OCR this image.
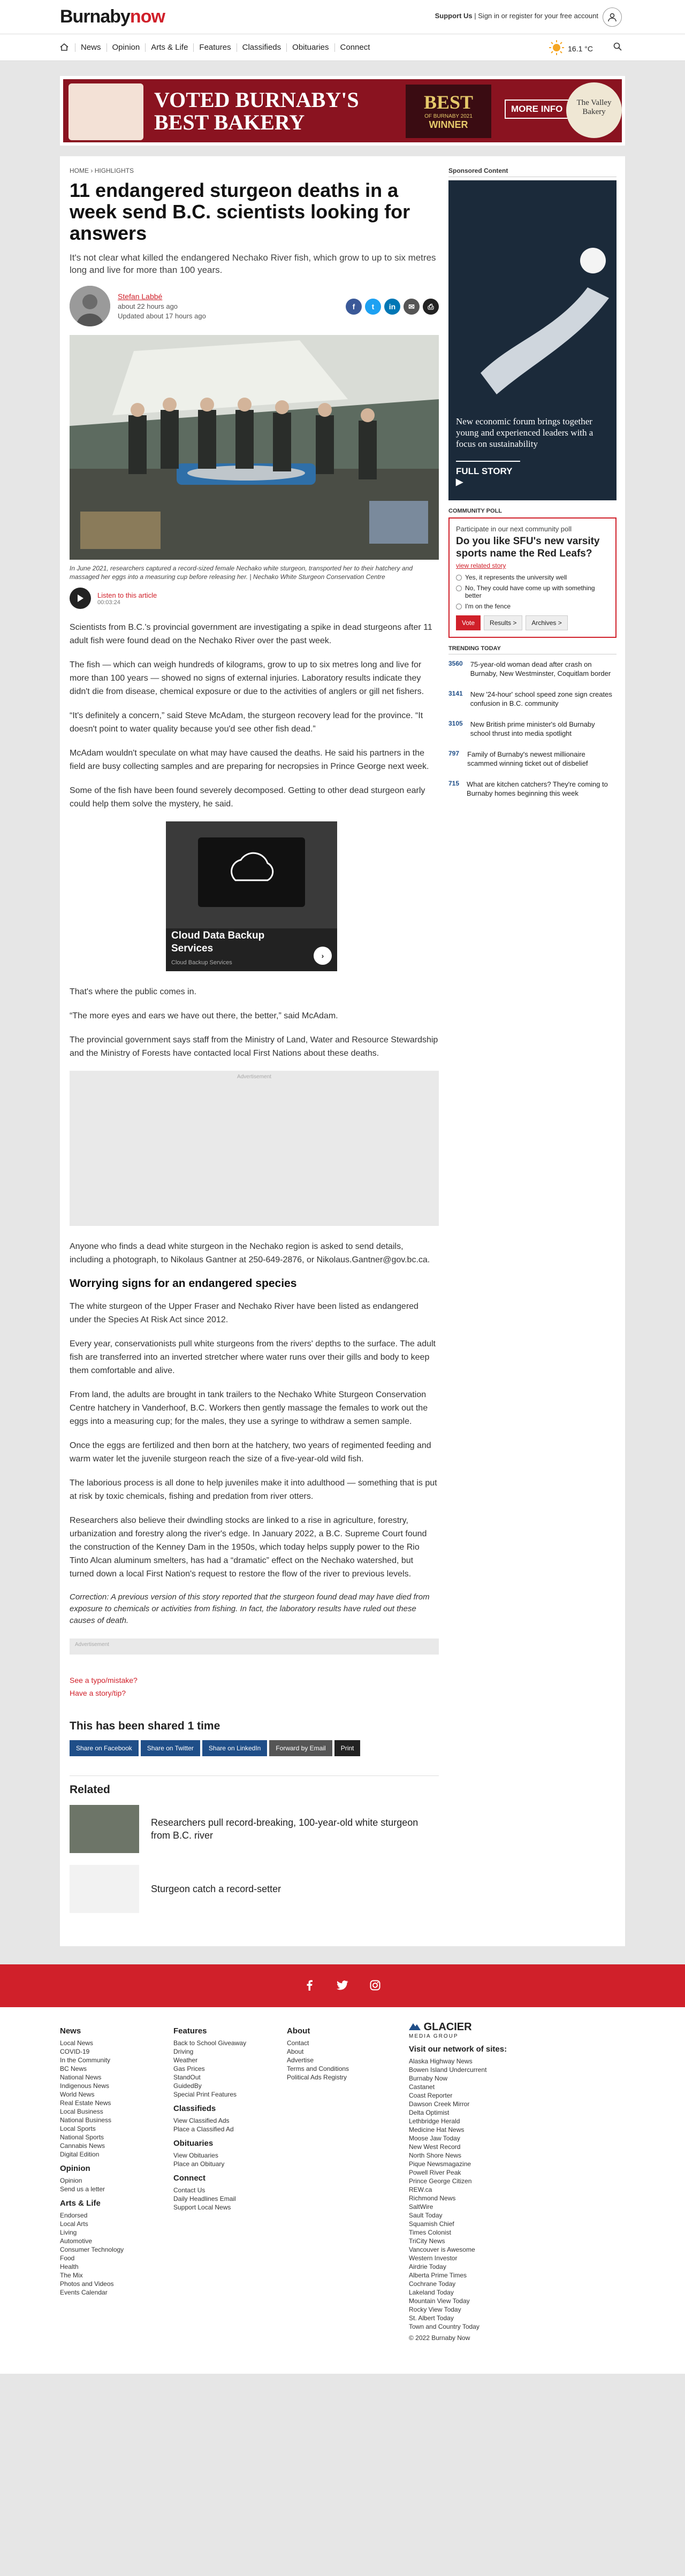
Burnabynow	Support Us | Sign in or register for your free account
News	Opinion	Arts & Life	Features	Classifieds	Obituaries	Connect	16.1 °C
VOTED BURNABY'S
BEST BAKERY
BEST
OF BURNABY 2021
WINNER
MORE INFO
The Valley Bakery
HOME › HIGHLIGHTS
11 endangered sturgeon deaths in a week send B.C. scientists looking for answers
It's not clear what killed the endangered Nechako River fish, which grow to up to six metres long and live for more than 100 years.
Stefan Labbé
about 22 hours ago
Updated about 17 hours ago
f	t	in	✉	⎙
In June 2021, researchers captured a record-sized female Nechako white sturgeon, transported her to their hatchery and massaged her eggs into a measuring cup before releasing her. | Nechako White Sturgeon Conservation Centre
Listen to this article
00:03:24

Scientists from B.C.'s provincial government are investigating a spike in dead sturgeons after 11 adult fish were found dead on the Nechako River over the past week.

The fish — which can weigh hundreds of kilograms, grow to up to six metres long and live for more than 100 years — showed no signs of external injuries. Laboratory results indicate they didn't die from disease, chemical exposure or due to the activities of anglers or gill net fishers.

“It's definitely a concern,” said Steve McAdam, the sturgeon recovery lead for the province. “It doesn't point to water quality because you'd see other fish dead.”

McAdam wouldn't speculate on what may have caused the deaths. He said his partners in the field are busy collecting samples and are preparing for necropsies in Prince George next week.

Some of the fish have been found severely decomposed. Getting to other dead sturgeon early could help them solve the mystery, he said.

Cloud Data Backup Services
Cloud Backup Services
›

That's where the public comes in.

“The more eyes and ears we have out there, the better,” said McAdam.

The provincial government says staff from the Ministry of Land, Water and Resource Stewardship and the Ministry of Forests have contacted local First Nations about these deaths.

Advertisement

Anyone who finds a dead white sturgeon in the Nechako region is asked to send details, including a photograph, to Nikolaus Gantner at 250-649-2876, or Nikolaus.Gantner@gov.bc.ca.

Worrying signs for an endangered species

The white sturgeon of the Upper Fraser and Nechako River have been listed as endangered under the Species At Risk Act since 2012.

Every year, conservationists pull white sturgeons from the rivers' depths to the surface. The adult fish are transferred into an inverted stretcher where water runs over their gills and body to keep them comfortable and alive.

From land, the adults are brought in tank trailers to the Nechako White Sturgeon Conservation Centre hatchery in Vanderhoof, B.C. Workers then gently massage the females to work out the eggs into a measuring cup; for the males, they use a syringe to withdraw a semen sample.

Once the eggs are fertilized and then born at the hatchery, two years of regimented feeding and warm water let the juvenile sturgeon reach the size of a five-year-old wild fish.

The laborious process is all done to help juveniles make it into adulthood — something that is put at risk by toxic chemicals, fishing and predation from river otters.

Researchers also believe their dwindling stocks are linked to a rise in agriculture, forestry, urbanization and forestry along the river's edge. In January 2022, a B.C. Supreme Court found the construction of the Kenney Dam in the 1950s, which today helps supply power to the Rio Tinto Alcan aluminum smelters, has had a “dramatic” effect on the Nechako watershed, but turned down a local First Nation's request to restore the flow of the river to previous levels.

Correction: A previous version of this story reported that the sturgeon found dead may have died from exposure to chemicals or activities from fishing. In fact, the laboratory results have ruled out these causes of death.
Advertisement
See a typo/mistake?
Have a story/tip?
This has been shared 1 time
Share on Facebook	Share on Twitter	Share on LinkedIn	Forward by Email	Print
Related
Researchers pull record-breaking, 100-year-old white sturgeon from B.C. river
Sturgeon catch a record-setter
Sponsored Content
New economic forum brings together young and experienced leaders with a focus on sustainability
FULL STORY ▶
COMMUNITY POLL
Participate in our next community poll
Do you like SFU's new varsity sports name the Red Leafs?
view related story
Yes, it represents the university well
No, They could have come up with something better
I'm on the fence
Vote	Results >	Archives >
TRENDING TODAY
3560 75-year-old woman dead after crash on Burnaby, New Westminster, Coquitlam border
3141 New '24-hour' school speed zone sign creates confusion in B.C. community
3105 New British prime minister's old Burnaby school thrust into media spotlight
797 Family of Burnaby's newest millionaire scammed winning ticket out of disbelief
715 What are kitchen catchers? They're coming to Burnaby homes beginning this week
News
Local News
COVID-19
In the Community
BC News
National News
Indigenous News
World News
Real Estate News
Local Business
National Business
Local Sports
National Sports
Cannabis News
Digital Edition
Opinion
Opinion
Send us a letter
Arts & Life
Endorsed
Local Arts
Living
Automotive
Consumer Technology
Food
Health
The Mix
Photos and Videos
Events Calendar
Features
Back to School Giveaway
Driving
Weather
Gas Prices
StandOut
GuidedBy
Special Print Features
Classifieds
View Classified Ads
Place a Classified Ad
Obituaries
View Obituaries
Place an Obituary
Connect
Contact Us
Daily Headlines Email
Support Local News
About
Contact
About
Advertise
Terms and Conditions
Political Ads Registry
GLACIER
MEDIA GROUP
Visit our network of sites:
Alaska Highway News
Bowen Island Undercurrent
Burnaby Now
Castanet
Coast Reporter
Dawson Creek Mirror
Delta Optimist
Lethbridge Herald
Medicine Hat News
Moose Jaw Today
New West Record
North Shore News
Pique Newsmagazine
Powell River Peak
Prince George Citizen
REW.ca
Richmond News
SaltWire
Sault Today
Squamish Chief
Times Colonist
TriCity News
Vancouver is Awesome
Western Investor
Airdrie Today
Alberta Prime Times
Cochrane Today
Lakeland Today
Mountain View Today
Rocky View Today
St. Albert Today
Town and Country Today
© 2022 Burnaby Now
